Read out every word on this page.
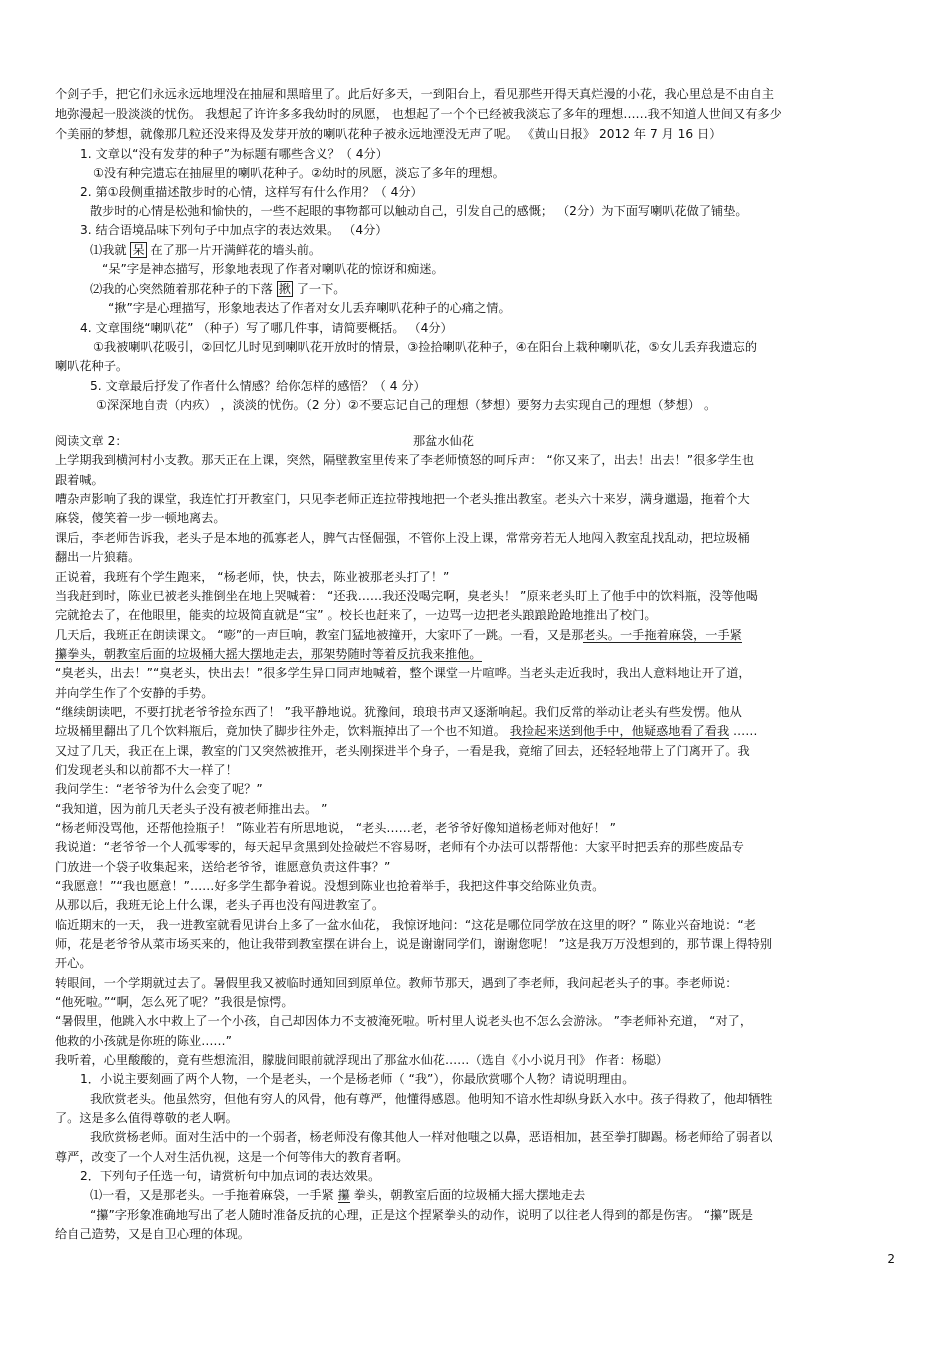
个剑子手，把它们永远永远地埋没在抽屉和黑暗里了。此后好多天，一到阳台上，看见那些开得天真烂漫的小花，我心里总是不由自主
地弥漫起一股淡淡的忧伤。 我想起了许许多多我幼时的夙愿， 也想起了一个个已经被我淡忘了多年的理想……我不知道人世间又有多少
个美丽的梦想，就像那几粒还没来得及发芽开放的喇叭花种子被永远地湮没无声了呢。 《黄山日报》 2012 年 7 月 16 日）
1. 文章以“没有发芽的种子”为标题有哪些含义？（ 4分）
①没有种完遗忘在抽屉里的喇叭花种子。②幼时的夙愿，淡忘了多年的理想。
2. 第①段侧重描述散步时的心情，这样写有什么作用？（ 4分）
散步时的心情是松弛和愉快的，一些不起眼的事物都可以触动自己，引发自己的感慨； （2分）为下面写喇叭花做了铺垫。
3. 结合语境品味下列句子中加点字的表达效果。 （4分）
⑴我就 呆 在了那一片开满鲜花的墙头前。
“呆”字是神态描写，形象地表现了作者对喇叭花的惊讶和痴迷。
⑵我的心突然随着那花种子的下落 揪 了一下。
“揪”字是心理描写，形象地表达了作者对女儿丢弃喇叭花种子的心痛之情。
4. 文章围绕“喇叭花” （种子）写了哪几件事，请简要概括。 （4分）
①我被喇叭花吸引，②回忆儿时见到喇叭花开放时的情景，③捡拾喇叭花种子，④在阳台上栽种喇叭花，⑤女儿丢弃我遗忘的
喇叭花种子。
5. 文章最后抒发了作者什么情感？给你怎样的感悟？（ 4 分）
①深深地自责（内疚） ，淡淡的忧伤。（2 分）②不要忘记自己的理想（梦想）要努力去实现自己的理想（梦想） 。
阅读文章 2：	那盆水仙花
上学期我到横河村小支教。那天正在上课，突然，隔壁教室里传来了李老师愤怒的呵斥声： “你又来了，出去！出去！”很多学生也
跟着喊。
嘈杂声影响了我的课堂，我连忙打开教室门，只见李老师正连拉带拽地把一个老头推出教室。老头六十来岁，满身邋遢，拖着个大
麻袋，傻笑着一步一顿地离去。
课后，李老师告诉我，老头子是本地的孤寡老人，脾气古怪倔强，不管你上没上课，常常旁若无人地闯入教室乱找乱动，把垃圾桶
翻出一片狼藉。
正说着，我班有个学生跑来， “杨老师，快，快去，陈业被那老头打了！”
当我赶到时，陈业已被老头推倒坐在地上哭喊着： “还我……我还没喝完啊，臭老头！ ”原来老头盯上了他手中的饮料瓶，没等他喝
完就抢去了，在他眼里，能卖的垃圾简直就是“宝” 。校长也赶来了，一边骂一边把老头踉踉跄跄地推出了校门。
几天后，我班正在朗读课文。 “嘭”的一声巨响，教室门猛地被撞开，大家吓了一跳。一看，又是那老头。一手拖着麻袋，一手紧
攥拳头，朝教室后面的垃圾桶大摇大摆地走去，那架势随时等着反抗我来推他。
“臭老头，出去！”“臭老头，快出去！”很多学生异口同声地喊着，整个课堂一片喧哗。当老头走近我时，我出人意料地让开了道，
并向学生作了个安静的手势。
“继续朗读吧，不要打扰老爷爷捡东西了！ ”我平静地说。犹豫间，琅琅书声又逐渐响起。我们反常的举动让老头有些发愣。他从
垃圾桶里翻出了几个饮料瓶后，竟加快了脚步往外走，饮料瓶掉出了一个也不知道。 我捡起来送到他手中，他疑惑地看了看我 ……
又过了几天，我正在上课，教室的门又突然被推开，老头刚探进半个身子，一看是我，竟缩了回去，还轻轻地带上了门离开了。我
们发现老头和以前都不大一样了！
我问学生：“老爷爷为什么会变了呢？”
“我知道，因为前几天老头子没有被老师推出去。 ”
“杨老师没骂他，还帮他捡瓶子！ ”陈业若有所思地说， “老头……老，老爷爷好像知道杨老师对他好！ ”
我说道：“老爷爷一个人孤零零的，每天起早贪黑到处捡破烂不容易呀，老师有个办法可以帮帮他：大家平时把丢弃的那些废品专
门放进一个袋子收集起来，送给老爷爷，谁愿意负责这件事？”
“我愿意！”“我也愿意！”……好多学生都争着说。没想到陈业也抢着举手，我把这件事交给陈业负责。
从那以后，我班无论上什么课，老头子再也没有闯进教室了。
临近期末的一天， 我一进教室就看见讲台上多了一盆水仙花， 我惊讶地问：“这花是哪位同学放在这里的呀？” 陈业兴奋地说：“老
师，花是老爷爷从菜市场买来的，他让我带到教室摆在讲台上，说是谢谢同学们，谢谢您呢！ ”这是我万万没想到的，那节课上得特别
开心。
转眼间，一个学期就过去了。暑假里我又被临时通知回到原单位。教师节那天，遇到了李老师，我问起老头子的事。李老师说：
“他死啦。”“啊，怎么死了呢？”我很是惊愕。
“暑假里，他跳入水中救上了一个小孩，自己却因体力不支被淹死啦。听村里人说老头也不怎么会游泳。 ”李老师补充道， “对了，
他救的小孩就是你班的陈业……”
我听着，心里酸酸的，竟有些想流泪，朦胧间眼前就浮现出了那盆水仙花……（选自《小小说月刊》 作者：杨聪）
1．小说主要刻画了两个人物，一个是老头，一个是杨老师（ “我”），你最欣赏哪个人物？请说明理由。
我欣赏老头。他虽然穷，但他有穷人的风骨，他有尊严，他懂得感恩。他明知不谙水性却纵身跃入水中。孩子得救了，他却牺牲
了。这是多么值得尊敬的老人啊。
我欣赏杨老师。面对生活中的一个弱者，杨老师没有像其他人一样对他嗤之以鼻，恶语相加，甚至拳打脚踢。杨老师给了弱者以
尊严，改变了一个人对生活仇视，这是一个何等伟大的教育者啊。
2．下列句子任选一句，请赏析句中加点词的表达效果。
⑴一看，又是那老头。一手拖着麻袋，一手紧 攥 拳头，朝教室后面的垃圾桶大摇大摆地走去
“攥”字形象准确地写出了老人随时准备反抗的心理，正是这个捏紧拳头的动作，说明了以往老人得到的都是伤害。 “攥”既是
给自己造势，又是自卫心理的体现。
2
